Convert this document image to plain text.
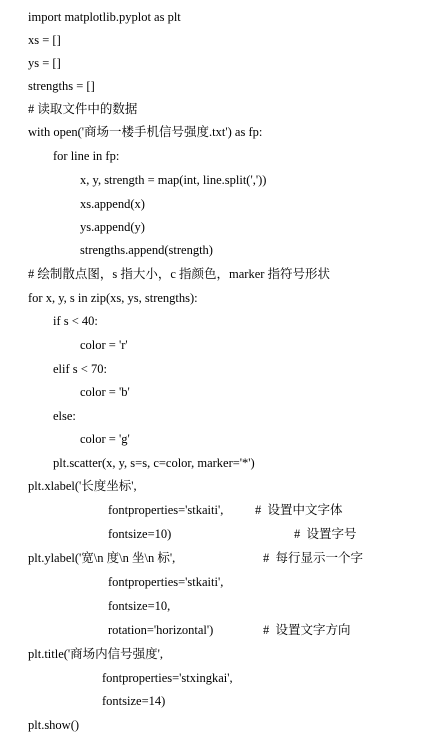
import matplotlib.pyplot as plt
xs = []
ys = []
strengths = []
# 读取文件中的数据
with open('商场一楼手机信号强度.txt') as fp:
for line in fp:
x, y, strength = map(int, line.split(','))
xs.append(x)
ys.append(y)
strengths.append(strength)
# 绘制散点图，s 指大小，c 指颜色，marker 指符号形状
for x, y, s in zip(xs, ys, strengths):
if s < 40:
color = 'r'
elif s < 70:
color = 'b'
else:
color = 'g'
plt.scatter(x, y, s=s, c=color, marker='*')
plt.xlabel('长度坐标',
fontproperties='stkaiti',	#  设置中文字体
fontsize=10)	#  设置字号
plt.ylabel('宽\n 度\n 坐\n 标',	#  每行显示一个字
fontproperties='stkaiti',
fontsize=10,
rotation='horizontal')	#  设置文字方向
plt.title('商场内信号强度',
fontproperties='stxingkai',
fontsize=14)
plt.show()
